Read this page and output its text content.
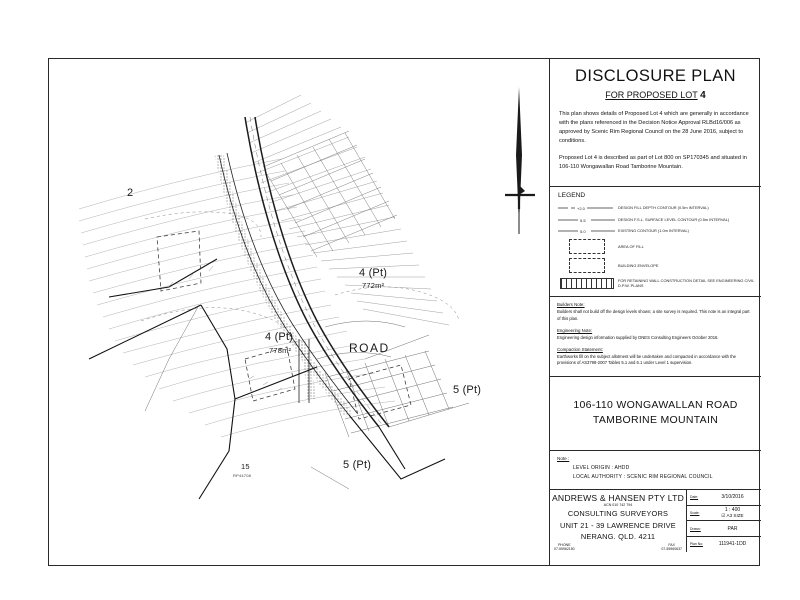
2
4 (Pt)
772m²
4 (Pt)
778m²
5 (Pt)
5 (Pt)
15
RP44708
ROAD
DISCLOSURE PLAN
FOR PROPOSED LOT 4

This plan shows details of Proposed Lot 4 which are generally in accordance with the plans referenced in the Decision Notice Approval RLBd16/006 as approved by Scenic Rim Regional Council on the 28 June 2016, subject to conditions.

Proposed Lot 4 is described as part of Lot 800 on SP170345 and situated in 106-110 Wongawallan Road Tamborine Mountain.

LEGEND
+2.0	DESIGN FILL DEPTH CONTOUR (0.5m INTERVAL)
5.5	DESIGN F.S.L. SURFACE LEVEL CONTOUR (0.5m INTERVAL)
5.0	EXISTING CONTOUR (1.0m INTERVAL)
AREA OF FILL
BUILDING ENVELOPE
FOR RETAINING WALL CONSTRUCTION DETAIL SEE ENGINEERING CIVIL D.P.W. PLANS
Builders Note:
Builders shall not build off the design levels shown; a site survey is required. This note is an integral part of this plan.
Engineering Note:
Engineering design information supplied by DNES Consulting Engineers October 2016.
Compaction Statement:
Earthworks fill on the subject allotment will be undertaken and compacted in accordance with the provisions of AS3798-2007 Tables 5.1 and 6.1 under Level 1 supervision.
106-110 WONGAWALLAN ROAD
TAMBORINE MOUNTAIN
Note :
LEVEL ORIGIN : AHDD
LOCAL AUTHORITY : SCENIC RIM REGIONAL COUNCIL
ANDREWS & HANSEN PTY LTD
ACN 010 742 794
CONSULTING SURVEYORS
UNIT 21 - 39 LAWRENCE DRIVE
NERANG. QLD. 4211
PHONE
07-55962150
FAX
07-55960637
Date:	3/10/2016
Scale:	1 : 400
☑ A3 SIZE
Drawn:	PAR
Plan No:	111941-1DD
